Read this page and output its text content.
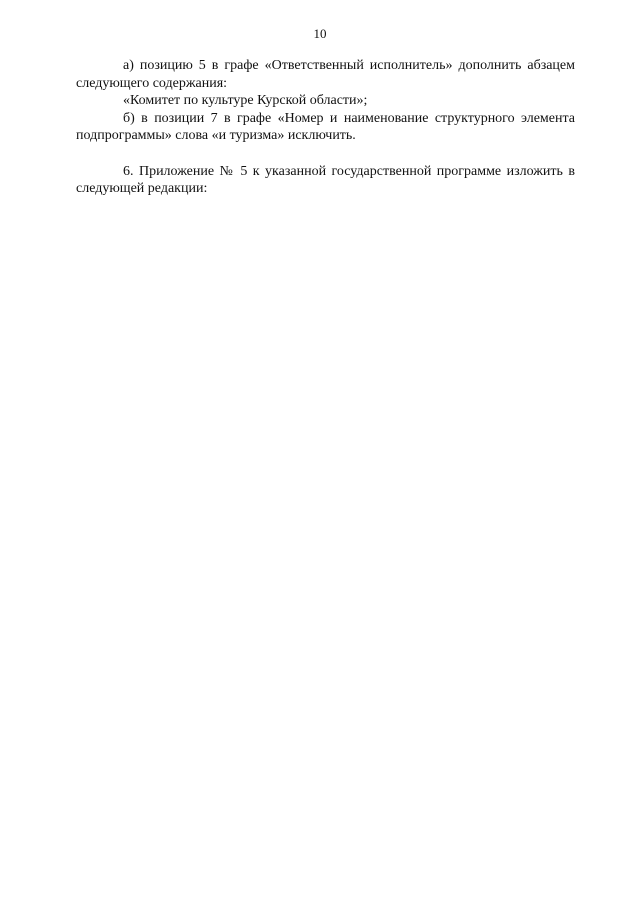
10

а) позицию 5 в графе «Ответственный исполнитель» дополнить абзацем следующего содержания:

«Комитет по культуре Курской области»;

б) в позиции 7 в графе «Номер и наименование структурного элемента подпрограммы» слова «и туризма» исключить.

6. Приложение № 5 к указанной государственной программе изложить в следующей редакции:
